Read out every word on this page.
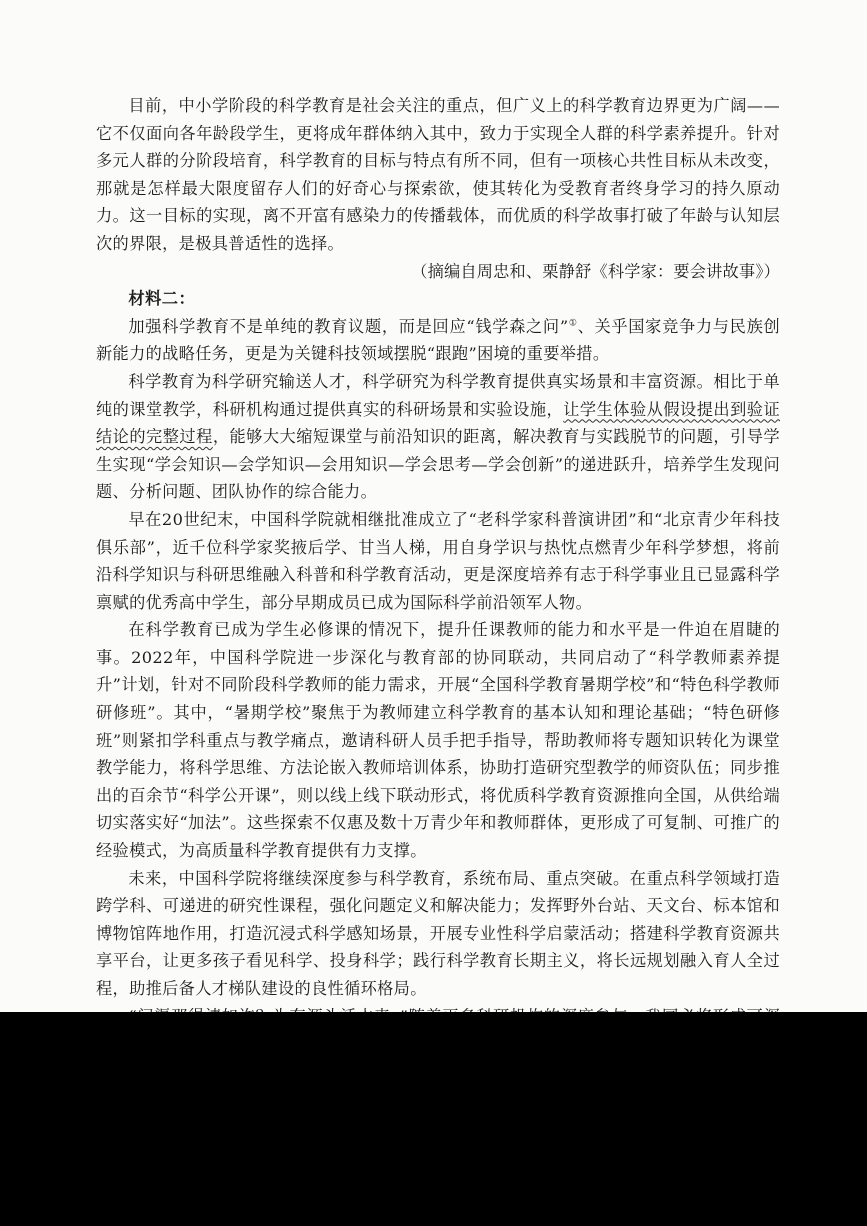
目前，中小学阶段的科学教育是社会关注的重点，但广义上的科学教育边界更为广阔——它不仅面向各年龄段学生，更将成年群体纳入其中，致力于实现全人群的科学素养提升。针对多元人群的分阶段培育，科学教育的目标与特点有所不同，但有一项核心共性目标从未改变，那就是怎样最大限度留存人们的好奇心与探索欲，使其转化为受教育者终身学习的持久原动力。这一目标的实现，离不开富有感染力的传播载体，而优质的科学故事打破了年龄与认知层次的界限，是极具普适性的选择。

（摘编自周忠和、栗静舒《科学家：要会讲故事》）

材料二：

加强科学教育不是单纯的教育议题，而是回应“钱学森之问”①、关乎国家竞争力与民族创新能力的战略任务，更是为关键科技领域摆脱“跟跑”困境的重要举措。

科学教育为科学研究输送人才，科学研究为科学教育提供真实场景和丰富资源。相比于单纯的课堂教学，科研机构通过提供真实的科研场景和实验设施，让学生体验从假设提出到验证结论的完整过程，能够大大缩短课堂与前沿知识的距离，解决教育与实践脱节的问题，引导学生实现“学会知识—会学知识—会用知识—学会思考—学会创新”的递进跃升，培养学生发现问题、分析问题、团队协作的综合能力。

早在20世纪末，中国科学院就相继批准成立了“老科学家科普演讲团”和“北京青少年科技俱乐部”，近千位科学家奖掖后学、甘当人梯，用自身学识与热忱点燃青少年科学梦想，将前沿科学知识与科研思维融入科普和科学教育活动，更是深度培养有志于科学事业且已显露科学禀赋的优秀高中学生，部分早期成员已成为国际科学前沿领军人物。

在科学教育已成为学生必修课的情况下，提升任课教师的能力和水平是一件迫在眉睫的事。2022年，中国科学院进一步深化与教育部的协同联动，共同启动了“科学教师素养提升”计划，针对不同阶段科学教师的能力需求，开展“全国科学教育暑期学校”和“特色科学教师研修班”。其中，“暑期学校”聚焦于为教师建立科学教育的基本认知和理论基础；“特色研修班”则紧扣学科重点与教学痛点，邀请科研人员手把手指导，帮助教师将专题知识转化为课堂教学能力，将科学思维、方法论嵌入教师培训体系，协助打造研究型教学的师资队伍；同步推出的百余节“科学公开课”，则以线上线下联动形式，将优质科学教育资源推向全国，从供给端切实落实好“加法”。这些探索不仅惠及数十万青少年和教师群体，更形成了可复制、可推广的经验模式，为高质量科学教育提供有力支撑。

未来，中国科学院将继续深度参与科学教育，系统布局、重点突破。在重点科学领域打造跨学科、可递进的研究性课程，强化问题定义和解决能力；发挥野外台站、天文台、标本馆和博物馆阵地作用，打造沉浸式科学感知场景，开展专业性科学启蒙活动；搭建科学教育资源共享平台，让更多孩子看见科学、投身科学；践行科学教育长期主义，将长远规划融入育人全过程，助推后备人才梯队建设的良性循环格局。
